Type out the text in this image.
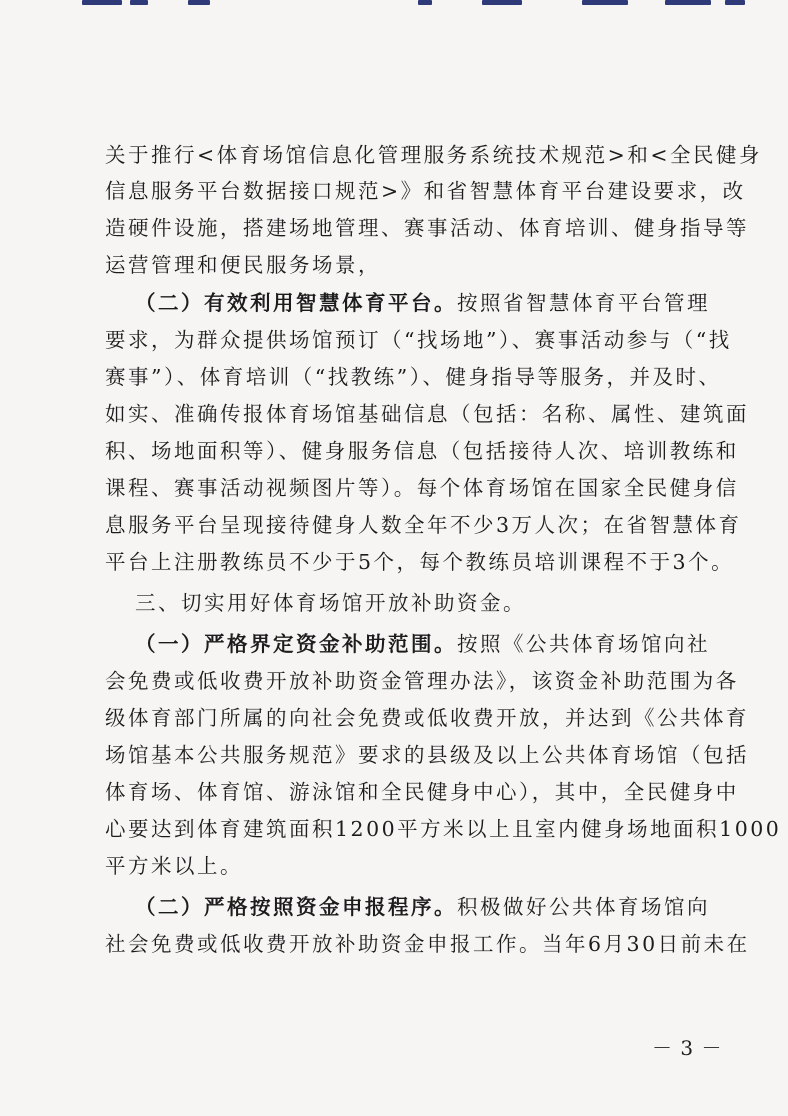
关于推行<体育场馆信息化管理服务系统技术规范>和<全民健身
信息服务平台数据接口规范>》和省智慧体育平台建设要求，改
造硬件设施，搭建场地管理、赛事活动、体育培训、健身指导等
运营管理和便民服务场景，
（二）有效利用智慧体育平台。按照省智慧体育平台管理
要求，为群众提供场馆预订（“找场地”）、赛事活动参与（“找
赛事”）、体育培训（“找教练”）、健身指导等服务，并及时、
如实、准确传报体育场馆基础信息（包括：名称、属性、建筑面
积、场地面积等）、健身服务信息（包括接待人次、培训教练和
课程、赛事活动视频图片等）。每个体育场馆在国家全民健身信
息服务平台呈现接待健身人数全年不少3万人次；在省智慧体育
平台上注册教练员不少于5个，每个教练员培训课程不于3个。
三、切实用好体育场馆开放补助资金。
（一）严格界定资金补助范围。按照《公共体育场馆向社
会免费或低收费开放补助资金管理办法》，该资金补助范围为各
级体育部门所属的向社会免费或低收费开放，并达到《公共体育
场馆基本公共服务规范》要求的县级及以上公共体育场馆（包括
体育场、体育馆、游泳馆和全民健身中心），其中，全民健身中
心要达到体育建筑面积1200平方米以上且室内健身场地面积1000
平方米以上。
（二）严格按照资金申报程序。积极做好公共体育场馆向
社会免费或低收费开放补助资金申报工作。当年6月30日前未在
－ 3 －
